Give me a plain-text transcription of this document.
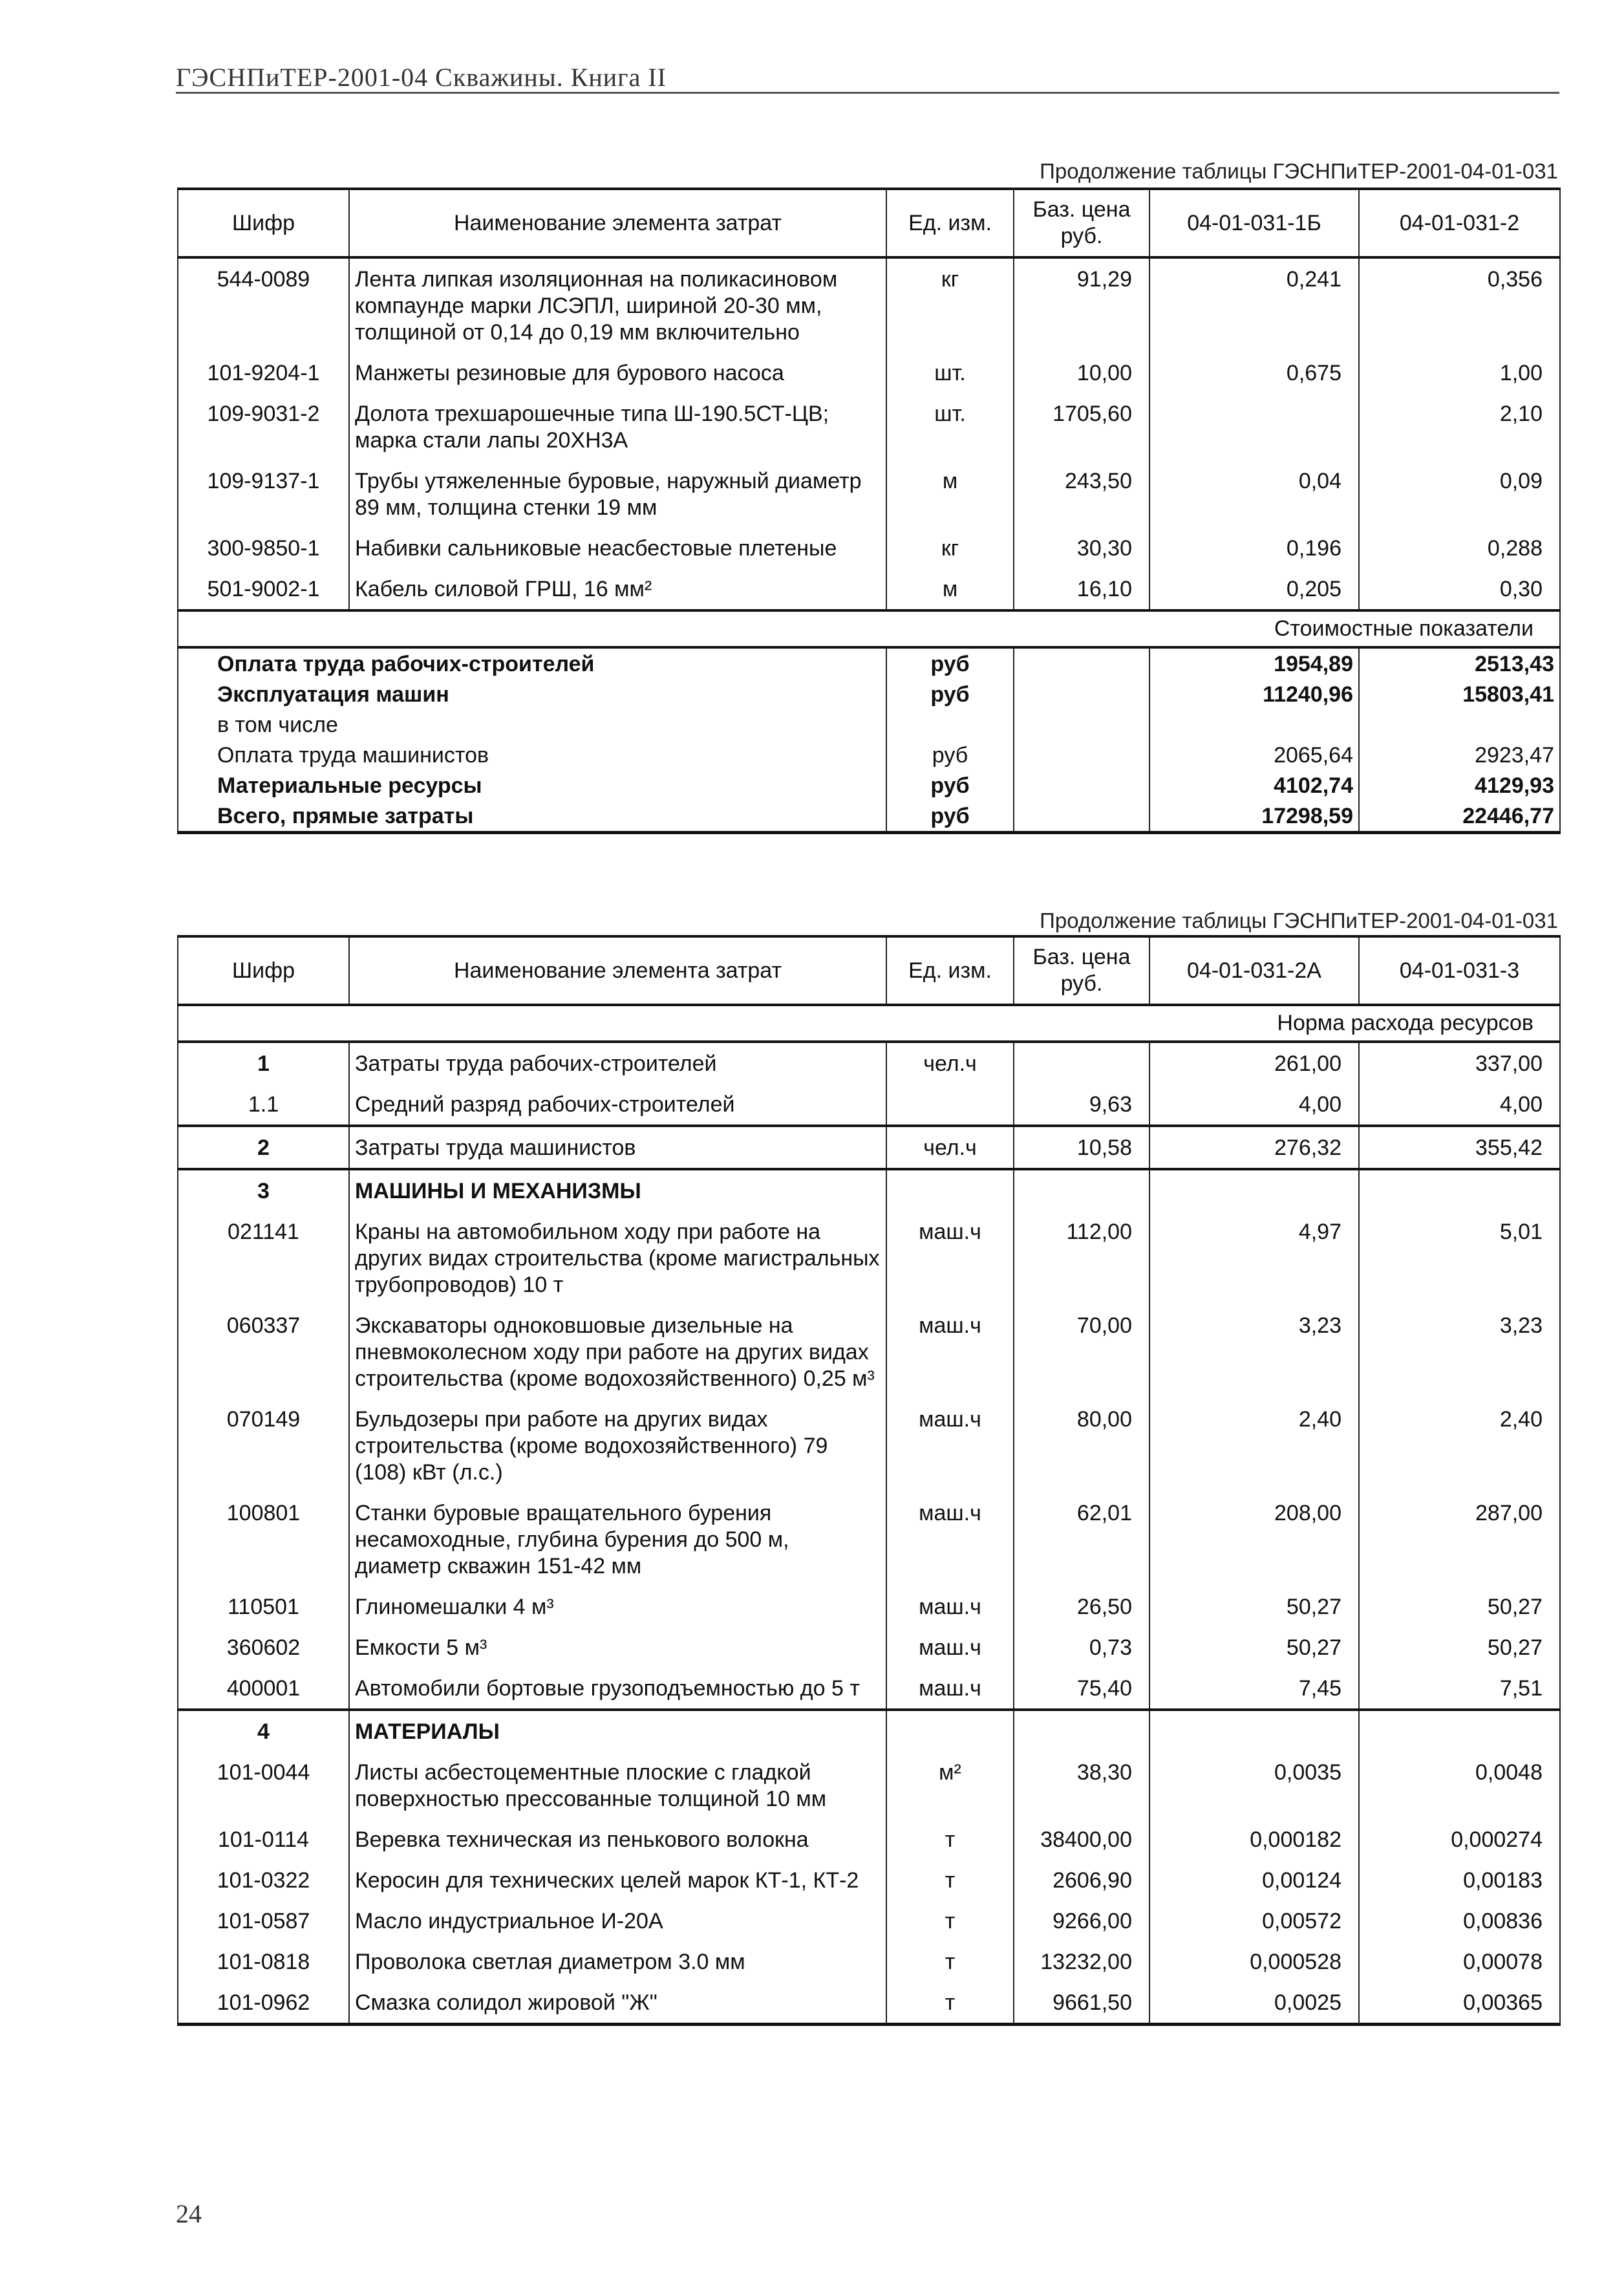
ГЭСНПиТЕР-2001-04 Скважины. Книга II
Продолжение таблицы ГЭСНПиТЕР-2001-04-01-031
Шифр	Наименование элемента затрат	Ед. изм.	Баз. цена руб.	04-01-031-1Б	04-01-031-2
544-0089	Лента липкая изоляционная на поликасиновом компаунде марки ЛСЭПЛ, шириной 20-30 мм, толщиной от 0,14 до 0,19 мм включительно	кг	91,29	0,241	0,356
101-9204-1	Манжеты резиновые для бурового насоса	шт.	10,00	0,675	1,00
109-9031-2	Долота трехшарошечные типа Ш-190.5СТ-ЦВ; марка стали лапы 20ХН3А	шт.	1705,60		2,10
109-9137-1	Трубы утяжеленные буровые, наружный диаметр 89 мм, толщина стенки 19 мм	м	243,50	0,04	0,09
300-9850-1	Набивки сальниковые неасбестовые плетеные	кг	30,30	0,196	0,288
501-9002-1	Кабель силовой ГРШ, 16 мм²	м	16,10	0,205	0,30
Стоимостные показатели					
Оплата труда рабочих-строителей		руб		1954,89	2513,43
Эксплуатация машин		руб		11240,96	15803,41
в том числе					
Оплата труда машинистов		руб		2065,64	2923,47
Материальные ресурсы		руб		4102,74	4129,93
Всего, прямые затраты		руб		17298,59	22446,77
Продолжение таблицы ГЭСНПиТЕР-2001-04-01-031
Шифр	Наименование элемента затрат	Ед. изм.	Баз. цена руб.	04-01-031-2А	04-01-031-3
Норма расхода ресурсов					
1	Затраты труда рабочих-строителей	чел.ч		261,00	337,00
1.1	Средний разряд рабочих-строителей		9,63	4,00	4,00
2	Затраты труда машинистов	чел.ч	10,58	276,32	355,42
3	МАШИНЫ И МЕХАНИЗМЫ				
021141	Краны на автомобильном ходу при работе на других видах строительства (кроме магистральных трубопроводов) 10 т	маш.ч	112,00	4,97	5,01
060337	Экскаваторы одноковшовые дизельные на пневмоколесном ходу при работе на других видах строительства (кроме водохозяйственного) 0,25 м³	маш.ч	70,00	3,23	3,23
070149	Бульдозеры при работе на других видах строительства (кроме водохозяйственного) 79 (108) кВт (л.с.)	маш.ч	80,00	2,40	2,40
100801	Станки буровые вращательного бурения несамоходные, глубина бурения до 500 м, диаметр скважин 151-42 мм	маш.ч	62,01	208,00	287,00
110501	Глиномешалки 4 м³	маш.ч	26,50	50,27	50,27
360602	Емкости 5 м³	маш.ч	0,73	50,27	50,27
400001	Автомобили бортовые грузоподъемностью до 5 т	маш.ч	75,40	7,45	7,51
4	МАТЕРИАЛЫ				
101-0044	Листы асбестоцементные плоские с гладкой поверхностью прессованные толщиной 10 мм	м²	38,30	0,0035	0,0048
101-0114	Веревка техническая из пенькового волокна	т	38400,00	0,000182	0,000274
101-0322	Керосин для технических целей марок КТ-1, КТ-2	т	2606,90	0,00124	0,00183
101-0587	Масло индустриальное И-20А	т	9266,00	0,00572	0,00836
101-0818	Проволока светлая диаметром 3.0 мм	т	13232,00	0,000528	0,00078
101-0962	Смазка солидол жировой "Ж"	т	9661,50	0,0025	0,00365
24
